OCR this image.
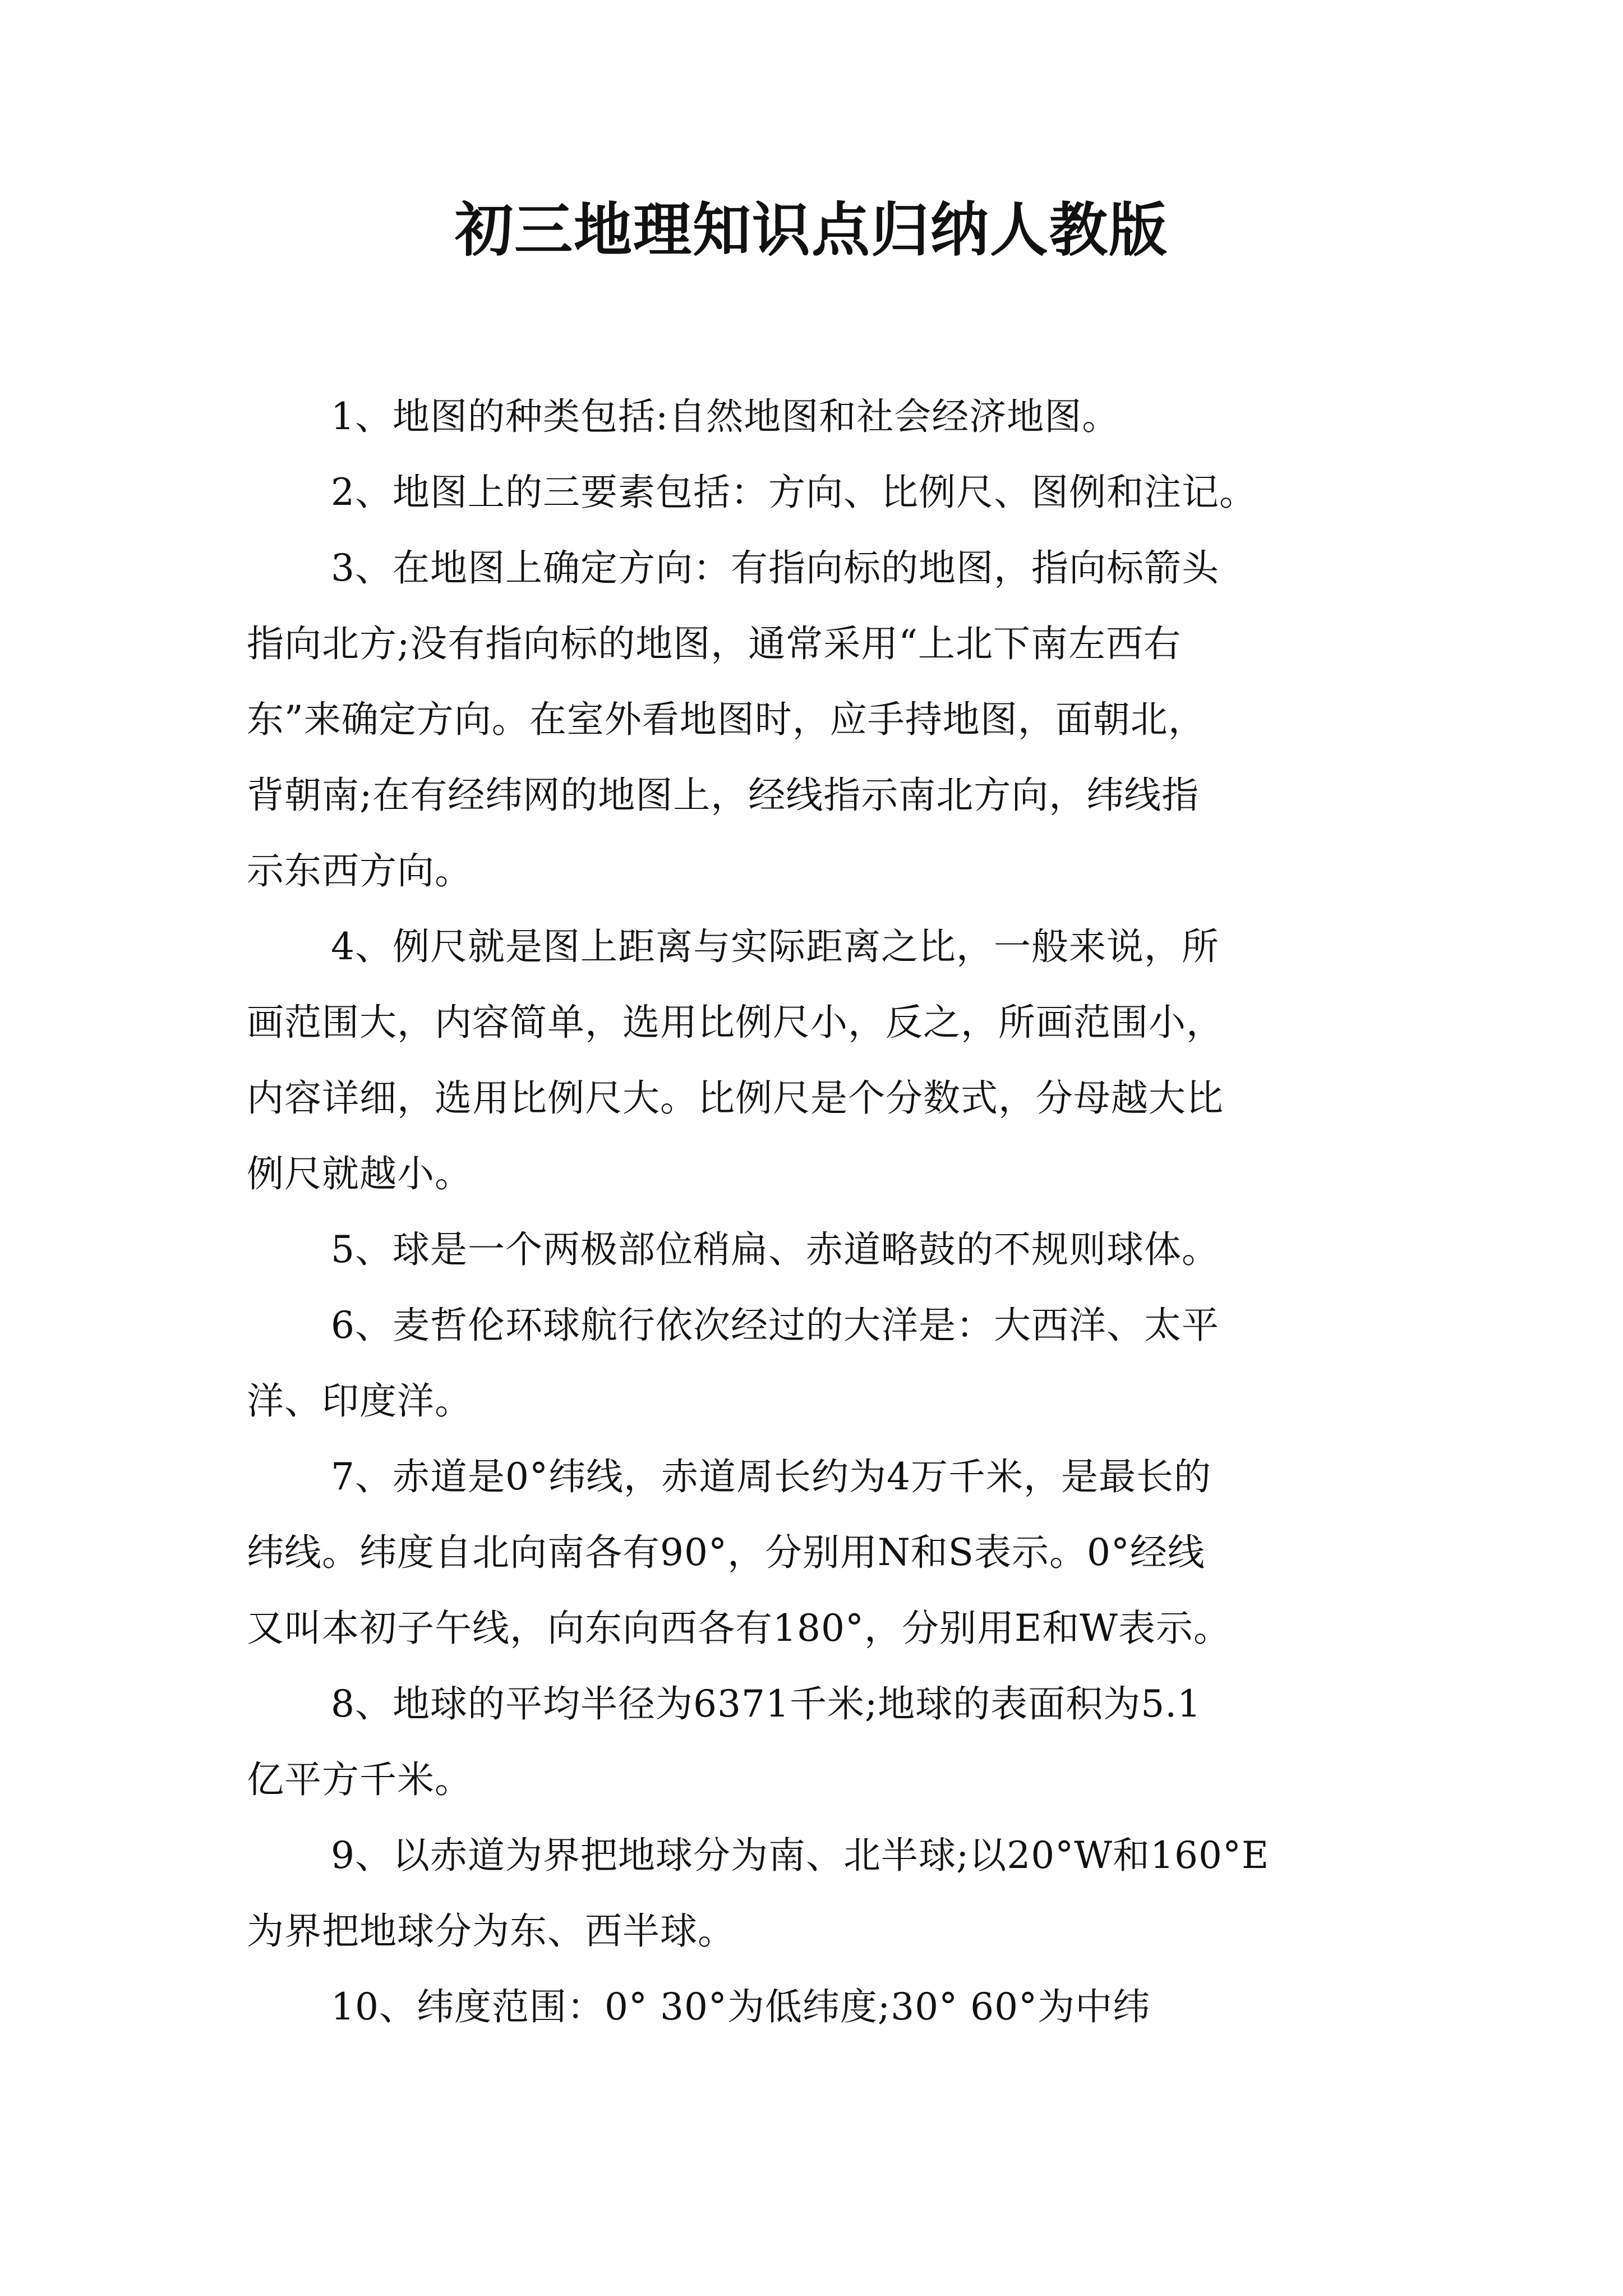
初三地理知识点归纳人教版

1、地图的种类包括:自然地图和社会经济地图。

2、地图上的三要素包括：方向、比例尺、图例和注记。

3、在地图上确定方向：有指向标的地图，指向标箭头
指向北方;没有指向标的地图，通常采用“上北下南左西右
东”来确定方向。在室外看地图时，应手持地图，面朝北，
背朝南;在有经纬网的地图上，经线指示南北方向，纬线指
示东西方向。

4、例尺就是图上距离与实际距离之比，一般来说，所
画范围大，内容简单，选用比例尺小，反之，所画范围小，
内容详细，选用比例尺大。比例尺是个分数式，分母越大比
例尺就越小。

5、球是一个两极部位稍扁、赤道略鼓的不规则球体。

6、麦哲伦环球航行依次经过的大洋是：大西洋、太平
洋、印度洋。

7、赤道是0°纬线，赤道周长约为4万千米，是最长的
纬线。纬度自北向南各有90°，分别用N和S表示。0°经线
又叫本初子午线，向东向西各有180°，分别用E和W表示。

8、地球的平均半径为6371千米;地球的表面积为5.1
亿平方千米。

9、以赤道为界把地球分为南、北半球;以20°W和160°E
为界把地球分为东、西半球。

10、纬度范围：0° 30°为低纬度;30° 60°为中纬
